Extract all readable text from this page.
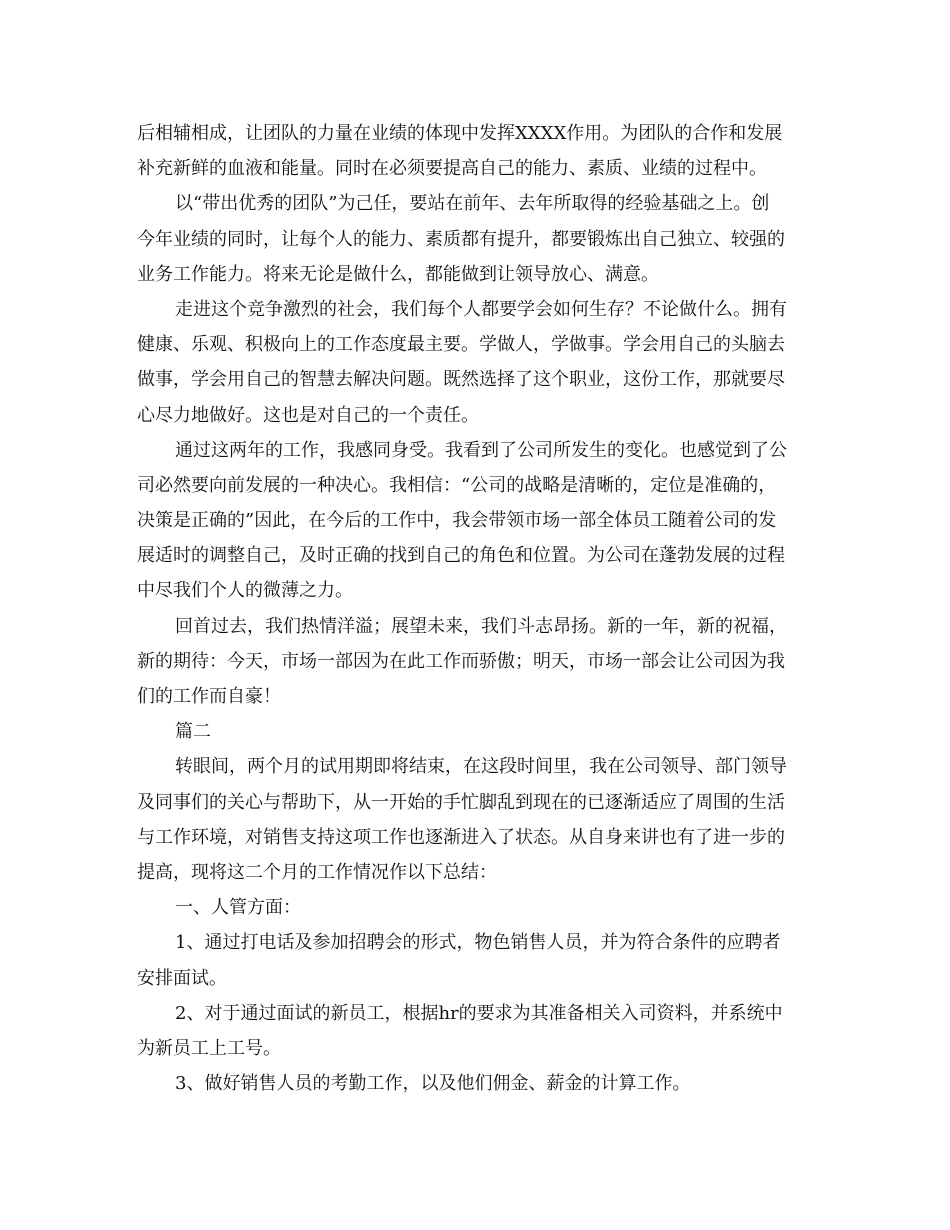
后相辅相成，让团队的力量在业绩的体现中发挥XXXX作用。为团队的合作和发展
补充新鲜的血液和能量。同时在必须要提高自己的能力、素质、业绩的过程中。
以“带出优秀的团队”为己任，要站在前年、去年所取得的经验基础之上。创
今年业绩的同时，让每个人的能力、素质都有提升，都要锻炼出自己独立、较强的
业务工作能力。将来无论是做什么，都能做到让领导放心、满意。
走进这个竞争激烈的社会，我们每个人都要学会如何生存？不论做什么。拥有
健康、乐观、积极向上的工作态度最主要。学做人，学做事。学会用自己的头脑去
做事，学会用自己的智慧去解决问题。既然选择了这个职业，这份工作，那就要尽
心尽力地做好。这也是对自己的一个责任。
通过这两年的工作，我感同身受。我看到了公司所发生的变化。也感觉到了公
司必然要向前发展的一种决心。我相信：“公司的战略是清晰的，定位是准确的，
决策是正确的”因此，在今后的工作中，我会带领市场一部全体员工随着公司的发
展适时的调整自己，及时正确的找到自己的角色和位置。为公司在蓬勃发展的过程
中尽我们个人的微薄之力。
回首过去，我们热情洋溢；展望未来，我们斗志昂扬。新的一年，新的祝福，
新的期待：今天，市场一部因为在此工作而骄傲；明天，市场一部会让公司因为我
们的工作而自豪！
篇二
转眼间，两个月的试用期即将结束，在这段时间里，我在公司领导、部门领导
及同事们的关心与帮助下，从一开始的手忙脚乱到现在的已逐渐适应了周围的生活
与工作环境，对销售支持这项工作也逐渐进入了状态。从自身来讲也有了进一步的
提高，现将这二个月的工作情况作以下总结：
一、人管方面：
1、通过打电话及参加招聘会的形式，物色销售人员，并为符合条件的应聘者
安排面试。
2、对于通过面试的新员工，根据hr的要求为其准备相关入司资料，并系统中
为新员工上工号。
3、做好销售人员的考勤工作，以及他们佣金、薪金的计算工作。
